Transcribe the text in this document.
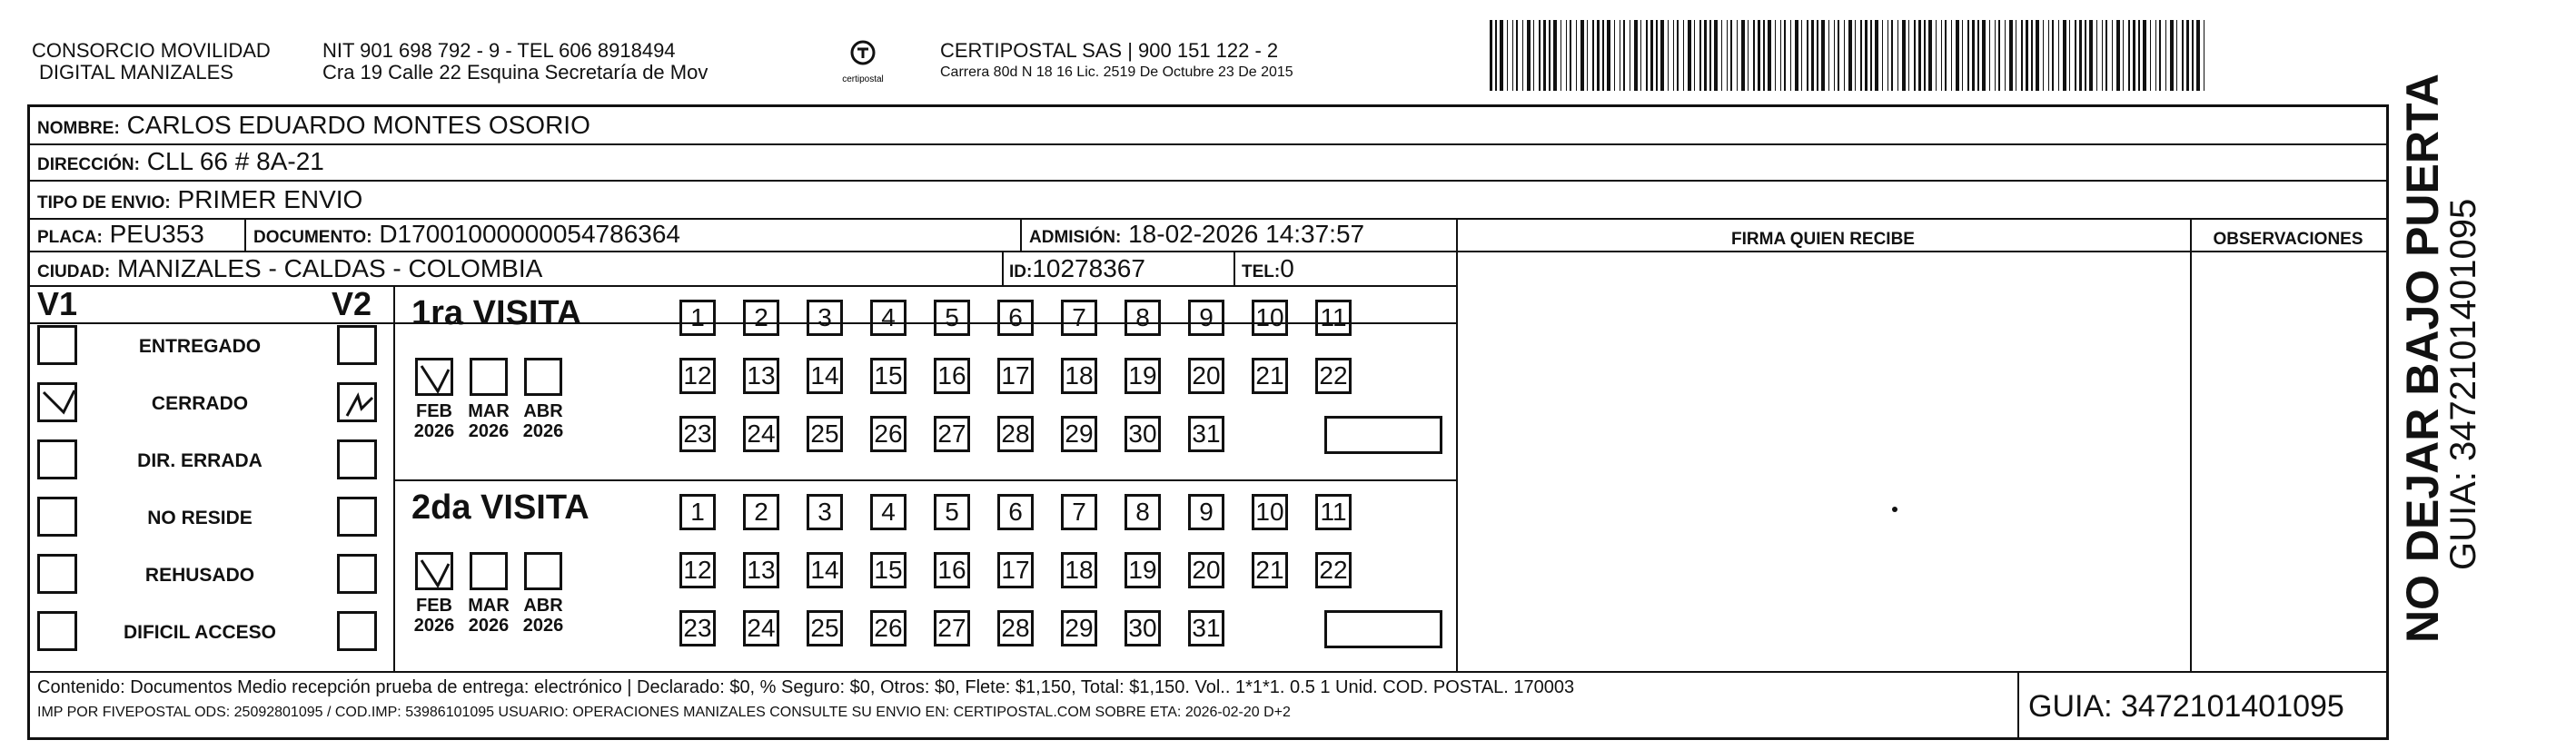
CONSORCIO MOVILIDAD
DIGITAL MANIZALES
NIT 901 698 792 - 9 - TEL 606 8918494
Cra 19 Calle 22 Esquina Secretaría de Mov	certipostal
CERTIPOSTAL SAS | 900 151 122 - 2
Carrera 80d N 18 16 Lic. 2519 De Octubre 23 De 2015
NOMBRE: CARLOS EDUARDO MONTES OSORIO
DIRECCIÓN: CLL 66 # 8A-21
TIPO DE ENVIO: PRIMER ENVIO
PLACA: PEU353	DOCUMENTO: D17001000000054786364	ADMISIÓN: 18-02-2026 14:37:57
CIUDAD: MANIZALES - CALDAS - COLOMBIA	ID:10278367	TEL:0
FIRMA QUIEN RECIBE	OBSERVACIONES
V1	V2
ENTREGADO
CERRADO
DIR. ERRADA
NO RESIDE
REHUSADO
DIFICIL ACCESO
1ra VISITA
FEB
2026
MAR
2026
ABR
2026
1	2	3	4	5	6	7	8	9	10 11
12 13 14 15 16 17 18 19 20 21 22
23 24 25 26 27 28 29 30 31
2da VISITA
FEB
2026
MAR
2026
ABR
2026
1	2	3	4	5	6	7	8	9	10 11
12 13 14 15 16 17 18 19 20 21 22
23 24 25 26 27 28 29 30 31
Contenido: Documentos Medio recepción prueba de entrega: electrónico | Declarado: $0, % Seguro: $0, Otros: $0, Flete: $1,150, Total: $1,150. Vol.. 1*1*1. 0.5 1 Unid. COD. POSTAL. 170003
IMP POR FIVEPOSTAL ODS: 25092801095 / COD.IMP: 53986101095 USUARIO: OPERACIONES MANIZALES CONSULTE SU ENVIO EN: CERTIPOSTAL.COM SOBRE ETA: 2026-02-20 D+2	GUIA: 3472101401095
NO DEJAR BAJO PUERTA
GUIA: 3472101401095
